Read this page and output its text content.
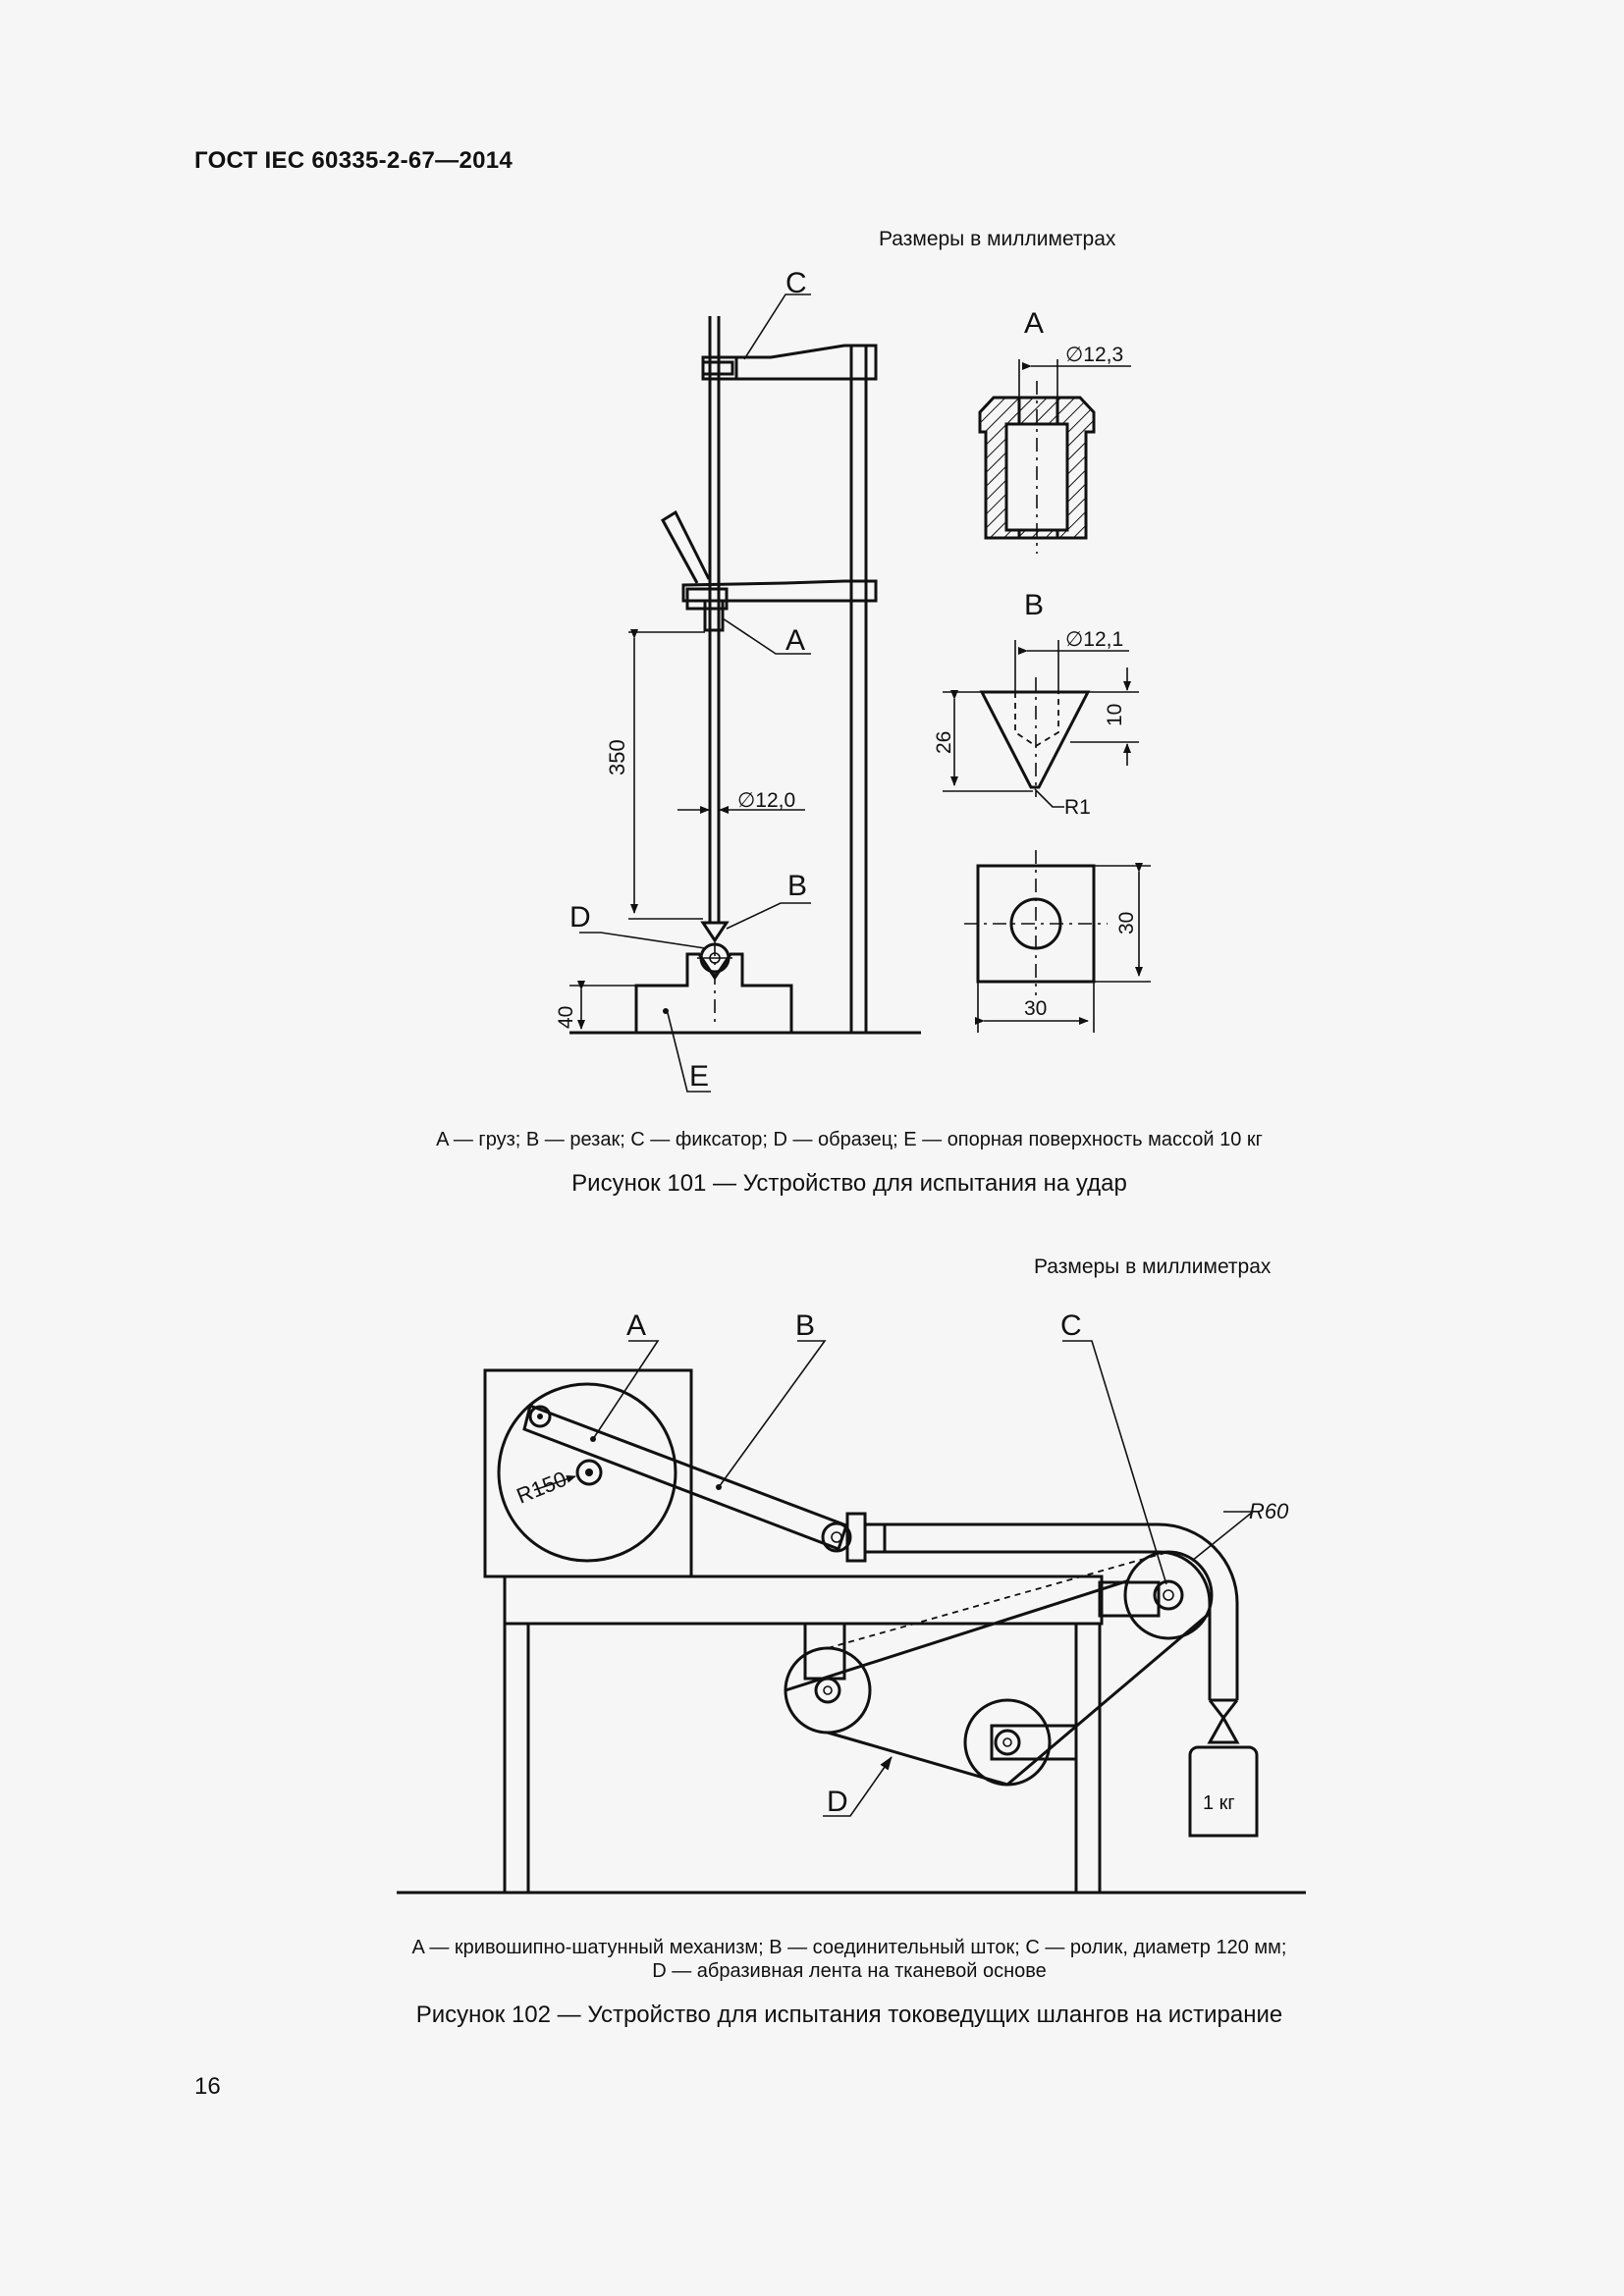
ГОСТ IEC 60335-2-67—2014
Размеры в миллиметрах
350
∅12,0
40
C
A
B
D
E
A
∅12,3
B
∅12,1
26
10
R1
30
30
A — груз; B — резак; C — фиксатор; D — образец; E — опорная поверхность массой 10 кг
Рисунок 101 — Устройство для испытания на удар
Размеры в миллиметрах
A	B	C
D
R150
R60
1 кг
A — кривошипно-шатунный механизм; B — соединительный шток; C — ролик, диаметр 120 мм;
D — абразивная лента на тканевой основе
Рисунок 102 — Устройство для испытания токоведущих шлангов на истирание
16
